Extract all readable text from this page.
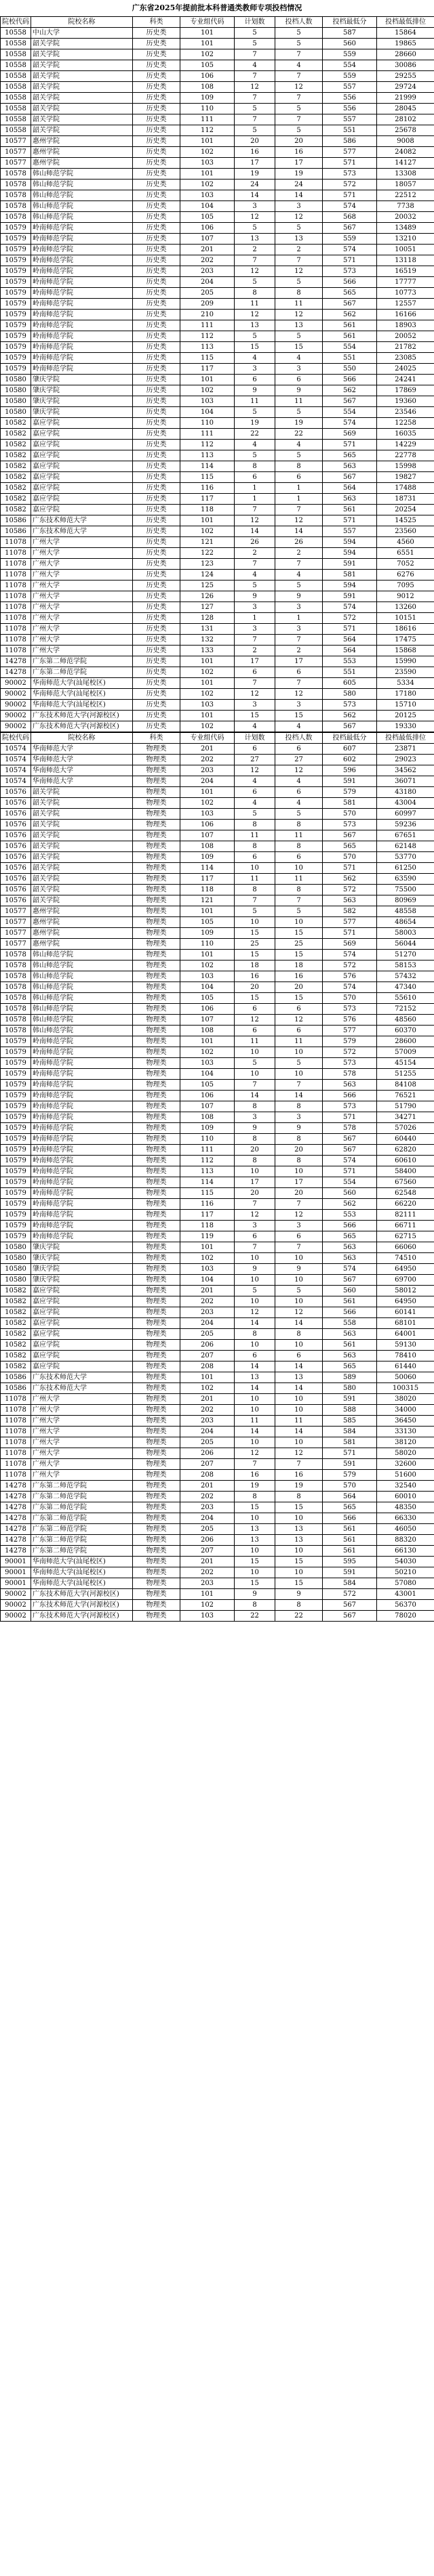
广东省2025年提前批本科普通类教师专项投档情况
院校代码	院校名称	科类	专业组代码	计划数	投档人数	投档最低分	投档最低排位
10558	中山大学	历史类	101	5	5	587	15864
10558	韶关学院	历史类	101	5	5	560	19865
10558	韶关学院	历史类	102	7	7	559	28660
10558	韶关学院	历史类	105	4	4	554	30086
10558	韶关学院	历史类	106	7	7	559	29255
10558	韶关学院	历史类	108	12	12	557	29724
10558	韶关学院	历史类	109	7	7	556	21999
10558	韶关学院	历史类	110	5	5	556	28045
10558	韶关学院	历史类	111	7	7	557	28102
10558	韶关学院	历史类	112	5	5	551	25678
10577	惠州学院	历史类	101	20	20	586	9008
10577	惠州学院	历史类	102	16	16	577	24082
10577	惠州学院	历史类	103	17	17	571	14127
10578	韩山师范学院	历史类	101	19	19	573	13308
10578	韩山师范学院	历史类	102	24	24	572	18057
10578	韩山师范学院	历史类	103	14	14	571	22512
10578	韩山师范学院	历史类	104	3	3	574	7738
10578	韩山师范学院	历史类	105	12	12	568	20032
10579	岭南师范学院	历史类	106	5	5	567	13489
10579	岭南师范学院	历史类	107	13	13	559	13210
10579	岭南师范学院	历史类	201	2	2	574	10051
10579	岭南师范学院	历史类	202	7	7	571	13118
10579	岭南师范学院	历史类	203	12	12	573	16519
10579	岭南师范学院	历史类	204	5	5	566	17777
10579	岭南师范学院	历史类	205	8	8	565	10773
10579	岭南师范学院	历史类	209	11	11	567	12557
10579	岭南师范学院	历史类	210	12	12	562	16166
10579	岭南师范学院	历史类	111	13	13	561	18903
10579	岭南师范学院	历史类	112	5	5	561	20052
10579	岭南师范学院	历史类	113	15	15	554	21782
10579	岭南师范学院	历史类	115	4	4	551	23085
10579	岭南师范学院	历史类	117	3	3	550	24025
10580	肇庆学院	历史类	101	6	6	566	24241
10580	肇庆学院	历史类	102	9	9	562	17869
10580	肇庆学院	历史类	103	11	11	567	19360
10580	肇庆学院	历史类	104	5	5	554	23546
10582	嘉应学院	历史类	110	19	19	574	12258
10582	嘉应学院	历史类	111	22	22	569	16035
10582	嘉应学院	历史类	112	4	4	571	14229
10582	嘉应学院	历史类	113	5	5	565	22778
10582	嘉应学院	历史类	114	8	8	563	15998
10582	嘉应学院	历史类	115	6	6	567	19827
10582	嘉应学院	历史类	116	1	1	564	17488
10582	嘉应学院	历史类	117	1	1	563	18731
10582	嘉应学院	历史类	118	7	7	561	20254
10586	广东技术师范大学	历史类	101	12	12	571	14525
10586	广东技术师范大学	历史类	102	14	14	557	23560
11078	广州大学	历史类	121	26	26	594	4560
11078	广州大学	历史类	122	2	2	594	6551
11078	广州大学	历史类	123	7	7	591	7052
11078	广州大学	历史类	124	4	4	581	6276
11078	广州大学	历史类	125	5	5	594	7095
11078	广州大学	历史类	126	9	9	591	9012
11078	广州大学	历史类	127	3	3	574	13260
11078	广州大学	历史类	128	1	1	572	10151
11078	广州大学	历史类	131	3	3	571	18616
11078	广州大学	历史类	132	7	7	564	17475
11078	广州大学	历史类	133	2	2	564	15868
14278	广东第二师范学院	历史类	101	17	17	553	15990
14278	广东第二师范学院	历史类	102	6	6	551	23590
90002	华南师范大学(汕尾校区)	历史类	101	7	7	605	5334
90002	华南师范大学(汕尾校区)	历史类	102	12	12	580	17180
90002	华南师范大学(汕尾校区)	历史类	103	3	3	573	15710
90002	广东技术师范大学(河源校区)	历史类	101	15	15	562	20125
90002	广东技术师范大学(河源校区)	历史类	102	4	4	567	19330
院校代码	院校名称	科类	专业组代码	计划数	投档人数	投档最低分	投档最低排位
10574	华南师范大学	物理类	201	6	6	607	23871
10574	华南师范大学	物理类	202	27	27	602	29023
10574	华南师范大学	物理类	203	12	12	596	34562
10574	华南师范大学	物理类	204	4	4	591	36071
10576	韶关学院	物理类	101	6	6	579	43180
10576	韶关学院	物理类	102	4	4	581	43004
10576	韶关学院	物理类	103	5	5	570	60997
10576	韶关学院	物理类	106	8	8	573	59236
10576	韶关学院	物理类	107	11	11	567	67651
10576	韶关学院	物理类	108	8	8	565	62148
10576	韶关学院	物理类	109	6	6	570	53770
10576	韶关学院	物理类	114	10	10	571	61250
10576	韶关学院	物理类	117	11	11	562	63590
10576	韶关学院	物理类	118	8	8	572	75500
10576	韶关学院	物理类	121	7	7	563	80969
10577	惠州学院	物理类	101	5	5	582	48558
10577	惠州学院	物理类	105	10	10	577	48654
10577	惠州学院	物理类	109	15	15	571	58003
10577	惠州学院	物理类	110	25	25	569	56044
10578	韩山师范学院	物理类	101	15	15	574	51270
10578	韩山师范学院	物理类	102	18	18	572	58153
10578	韩山师范学院	物理类	103	16	16	576	57432
10578	韩山师范学院	物理类	104	20	20	574	47340
10578	韩山师范学院	物理类	105	15	15	570	55610
10578	韩山师范学院	物理类	106	6	6	573	72152
10578	韩山师范学院	物理类	107	12	12	576	48560
10578	韩山师范学院	物理类	108	6	6	577	60370
10579	岭南师范学院	物理类	101	11	11	579	28600
10579	岭南师范学院	物理类	102	10	10	572	57009
10579	岭南师范学院	物理类	103	5	5	573	45154
10579	岭南师范学院	物理类	104	10	10	578	51255
10579	岭南师范学院	物理类	105	7	7	563	84108
10579	岭南师范学院	物理类	106	14	14	566	76521
10579	岭南师范学院	物理类	107	8	8	573	51790
10579	岭南师范学院	物理类	108	3	3	571	34271
10579	岭南师范学院	物理类	109	9	9	578	57026
10579	岭南师范学院	物理类	110	8	8	567	60440
10579	岭南师范学院	物理类	111	20	20	567	62820
10579	岭南师范学院	物理类	112	8	8	574	60610
10579	岭南师范学院	物理类	113	10	10	571	58400
10579	岭南师范学院	物理类	114	17	17	554	67560
10579	岭南师范学院	物理类	115	20	20	560	62548
10579	岭南师范学院	物理类	116	7	7	562	66220
10579	岭南师范学院	物理类	117	12	12	553	82111
10579	岭南师范学院	物理类	118	3	3	566	66711
10579	岭南师范学院	物理类	119	6	6	565	62715
10580	肇庆学院	物理类	101	7	7	563	66060
10580	肇庆学院	物理类	102	10	10	563	74510
10580	肇庆学院	物理类	103	9	9	574	64950
10580	肇庆学院	物理类	104	10	10	567	69700
10582	嘉应学院	物理类	201	5	5	560	58012
10582	嘉应学院	物理类	202	10	10	561	64950
10582	嘉应学院	物理类	203	12	12	566	60141
10582	嘉应学院	物理类	204	14	14	558	68101
10582	嘉应学院	物理类	205	8	8	563	64001
10582	嘉应学院	物理类	206	10	10	561	59130
10582	嘉应学院	物理类	207	6	6	563	78410
10582	嘉应学院	物理类	208	14	14	565	61440
10586	广东技术师范大学	物理类	101	13	13	589	50060
10586	广东技术师范大学	物理类	102	14	14	580	100315
11078	广州大学	物理类	201	10	10	591	38020
11078	广州大学	物理类	202	10	10	588	34000
11078	广州大学	物理类	203	11	11	585	36450
11078	广州大学	物理类	204	14	14	584	33130
11078	广州大学	物理类	205	10	10	581	38120
11078	广州大学	物理类	206	12	12	571	58020
11078	广州大学	物理类	207	7	7	591	32600
11078	广州大学	物理类	208	16	16	579	51600
14278	广东第二师范学院	物理类	201	19	19	570	32540
14278	广东第二师范学院	物理类	202	8	8	564	60010
14278	广东第二师范学院	物理类	203	15	15	565	48350
14278	广东第二师范学院	物理类	204	10	10	566	66330
14278	广东第二师范学院	物理类	205	13	13	561	46050
14278	广东第二师范学院	物理类	206	13	13	561	88320
14278	广东第二师范学院	物理类	207	10	10	561	66130
90001	华南师范大学(汕尾校区)	物理类	201	15	15	595	54030
90001	华南师范大学(汕尾校区)	物理类	202	10	10	591	50210
90001	华南师范大学(汕尾校区)	物理类	203	15	15	584	57080
90002	广东技术师范大学(河源校区)	物理类	101	9	9	572	43001
90002	广东技术师范大学(河源校区)	物理类	102	8	8	567	56370
90002	广东技术师范大学(河源校区)	物理类	103	22	22	567	78020
